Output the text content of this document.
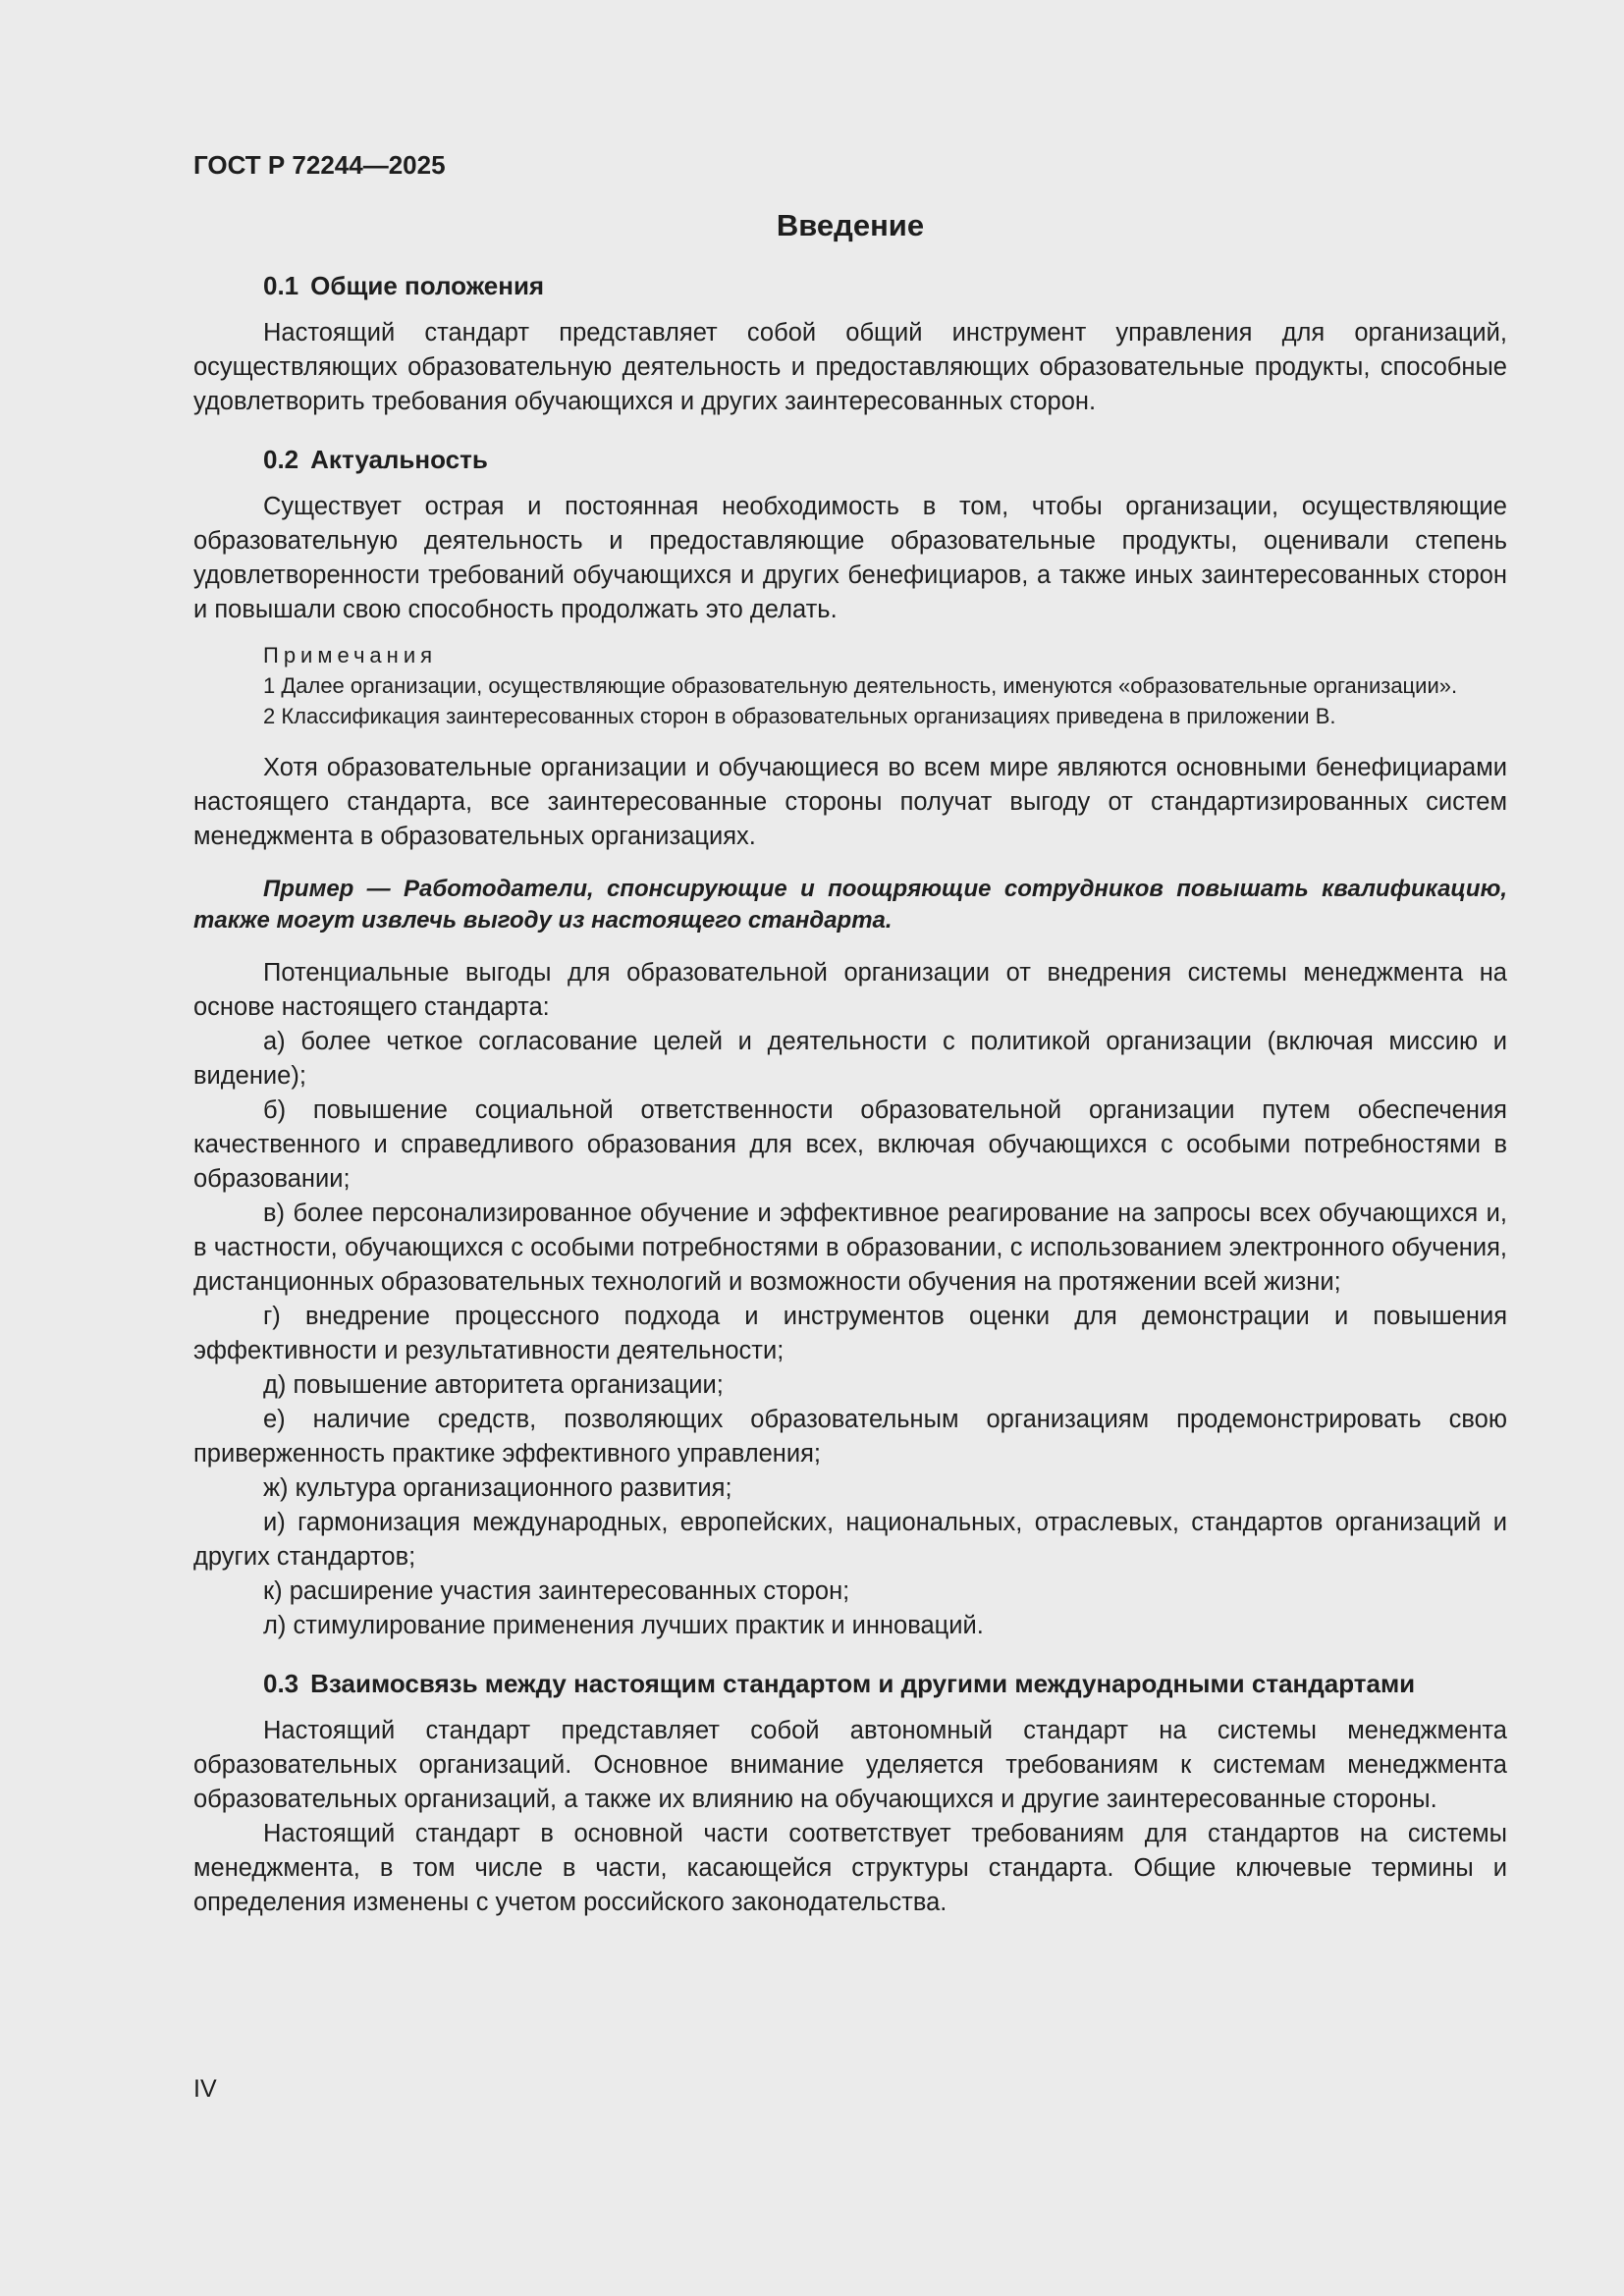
ГОСТ Р 72244—2025
Введение
0.1 Общие положения

Настоящий стандарт представляет собой общий инструмент управления для организаций, осуществляющих образовательную деятельность и предоставляющих образовательные продукты, способные удовлетворить требования обучающихся и других заинтересованных сторон.

0.2 Актуальность

Существует острая и постоянная необходимость в том, чтобы организации, осуществляющие образовательную деятельность и предоставляющие образовательные продукты, оценивали степень удовлетворенности требований обучающихся и других бенефициаров, а также иных заинтересованных сторон и повышали свою способность продолжать это делать.

Примечания

1 Далее организации, осуществляющие образовательную деятельность, именуются «образовательные организации».

2 Классификация заинтересованных сторон в образовательных организациях приведена в приложении В.

Хотя образовательные организации и обучающиеся во всем мире являются основными бенефициарами настоящего стандарта, все заинтересованные стороны получат выгоду от стандартизированных систем менеджмента в образовательных организациях.

Пример — Работодатели, спонсирующие и поощряющие сотрудников повышать квалификацию, также могут извлечь выгоду из настоящего стандарта.

Потенциальные выгоды для образовательной организации от внедрения системы менеджмента на основе настоящего стандарта:

а) более четкое согласование целей и деятельности с политикой организации (включая миссию и видение);

б) повышение социальной ответственности образовательной организации путем обеспечения качественного и справедливого образования для всех, включая обучающихся с особыми потребностями в образовании;

в) более персонализированное обучение и эффективное реагирование на запросы всех обучающихся и, в частности, обучающихся с особыми потребностями в образовании, с использованием электронного обучения, дистанционных образовательных технологий и возможности обучения на протяжении всей жизни;

г) внедрение процессного подхода и инструментов оценки для демонстрации и повышения эффективности и результативности деятельности;

д) повышение авторитета организации;

е) наличие средств, позволяющих образовательным организациям продемонстрировать свою приверженность практике эффективного управления;

ж) культура организационного развития;

и) гармонизация международных, европейских, национальных, отраслевых, стандартов организаций и других стандартов;

к) расширение участия заинтересованных сторон;

л) стимулирование применения лучших практик и инноваций.

0.3 Взаимосвязь между настоящим стандартом и другими международными стандартами

Настоящий стандарт представляет собой автономный стандарт на системы менеджмента образовательных организаций. Основное внимание уделяется требованиям к системам менеджмента образовательных организаций, а также их влиянию на обучающихся и другие заинтересованные стороны.

Настоящий стандарт в основной части соответствует требованиям для стандартов на системы менеджмента, в том числе в части, касающейся структуры стандарта. Общие ключевые термины и определения изменены с учетом российского законодательства.

IV
